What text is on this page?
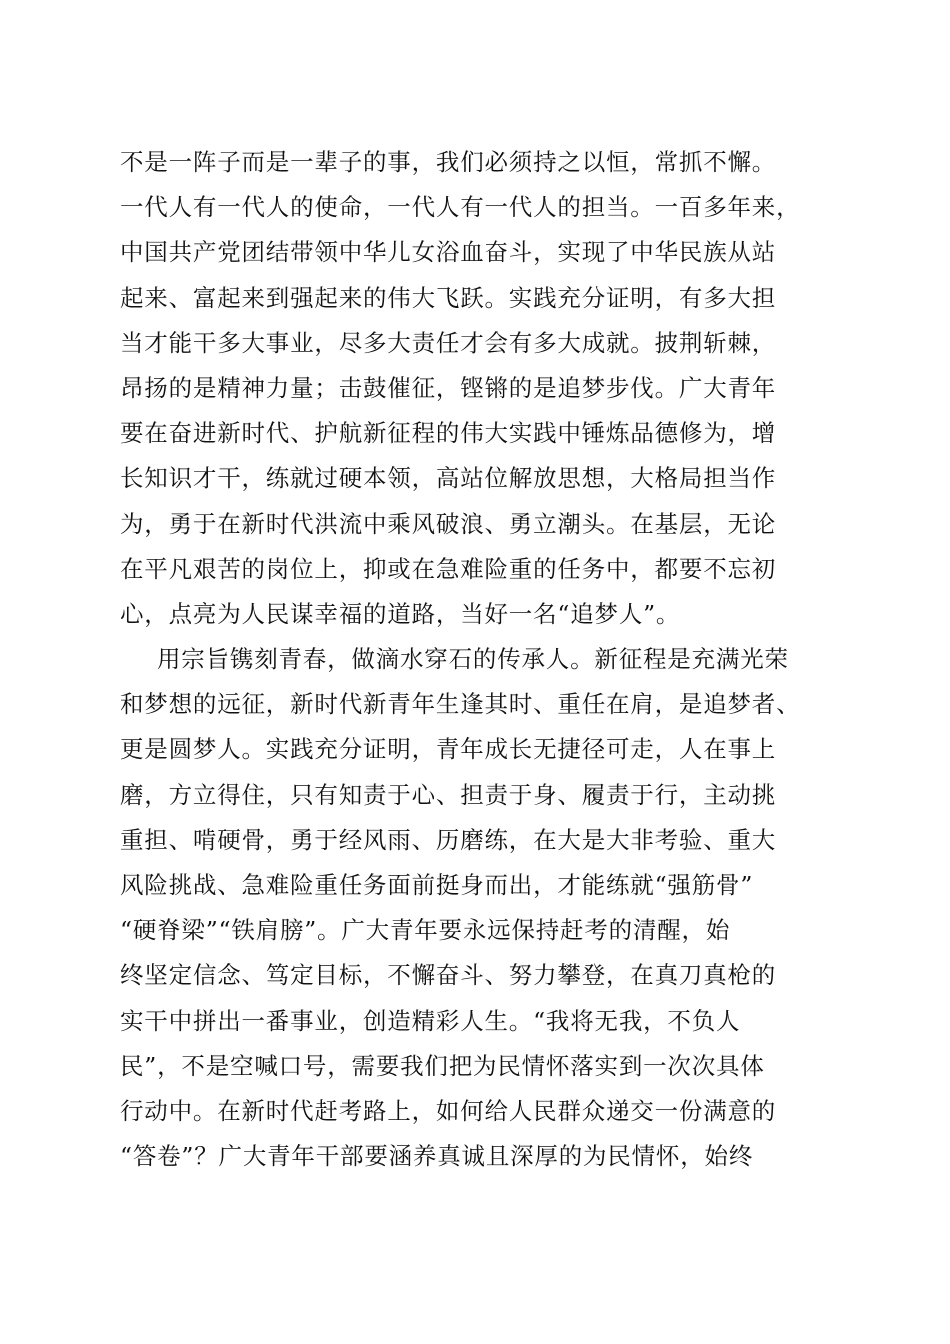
不是一阵子而是一辈子的事，我们必须持之以恒，常抓不懈。
一代人有一代人的使命，一代人有一代人的担当。一百多年来，
中国共产党团结带领中华儿女浴血奋斗，实现了中华民族从站
起来、富起来到强起来的伟大飞跃。实践充分证明，有多大担
当才能干多大事业，尽多大责任才会有多大成就。披荆斩棘，
昂扬的是精神力量；击鼓催征，铿锵的是追梦步伐。广大青年
要在奋进新时代、护航新征程的伟大实践中锤炼品德修为，增
长知识才干，练就过硬本领，高站位解放思想，大格局担当作
为，勇于在新时代洪流中乘风破浪、勇立潮头。在基层，无论
在平凡艰苦的岗位上，抑或在急难险重的任务中，都要不忘初
心，点亮为人民谋幸福的道路，当好一名“追梦人”。
用宗旨镌刻青春，做滴水穿石的传承人。新征程是充满光荣
和梦想的远征，新时代新青年生逢其时、重任在肩，是追梦者、
更是圆梦人。实践充分证明，青年成长无捷径可走，人在事上
磨，方立得住，只有知责于心、担责于身、履责于行，主动挑
重担、啃硬骨，勇于经风雨、历磨练，在大是大非考验、重大
风险挑战、急难险重任务面前挺身而出，才能练就“强筋骨”
“硬脊梁”“铁肩膀”。广大青年要永远保持赶考的清醒，始
终坚定信念、笃定目标，不懈奋斗、努力攀登，在真刀真枪的
实干中拼出一番事业，创造精彩人生。“我将无我，不负人
民”，不是空喊口号，需要我们把为民情怀落实到一次次具体
行动中。在新时代赶考路上，如何给人民群众递交一份满意的
“答卷”？广大青年干部要涵养真诚且深厚的为民情怀，始终
